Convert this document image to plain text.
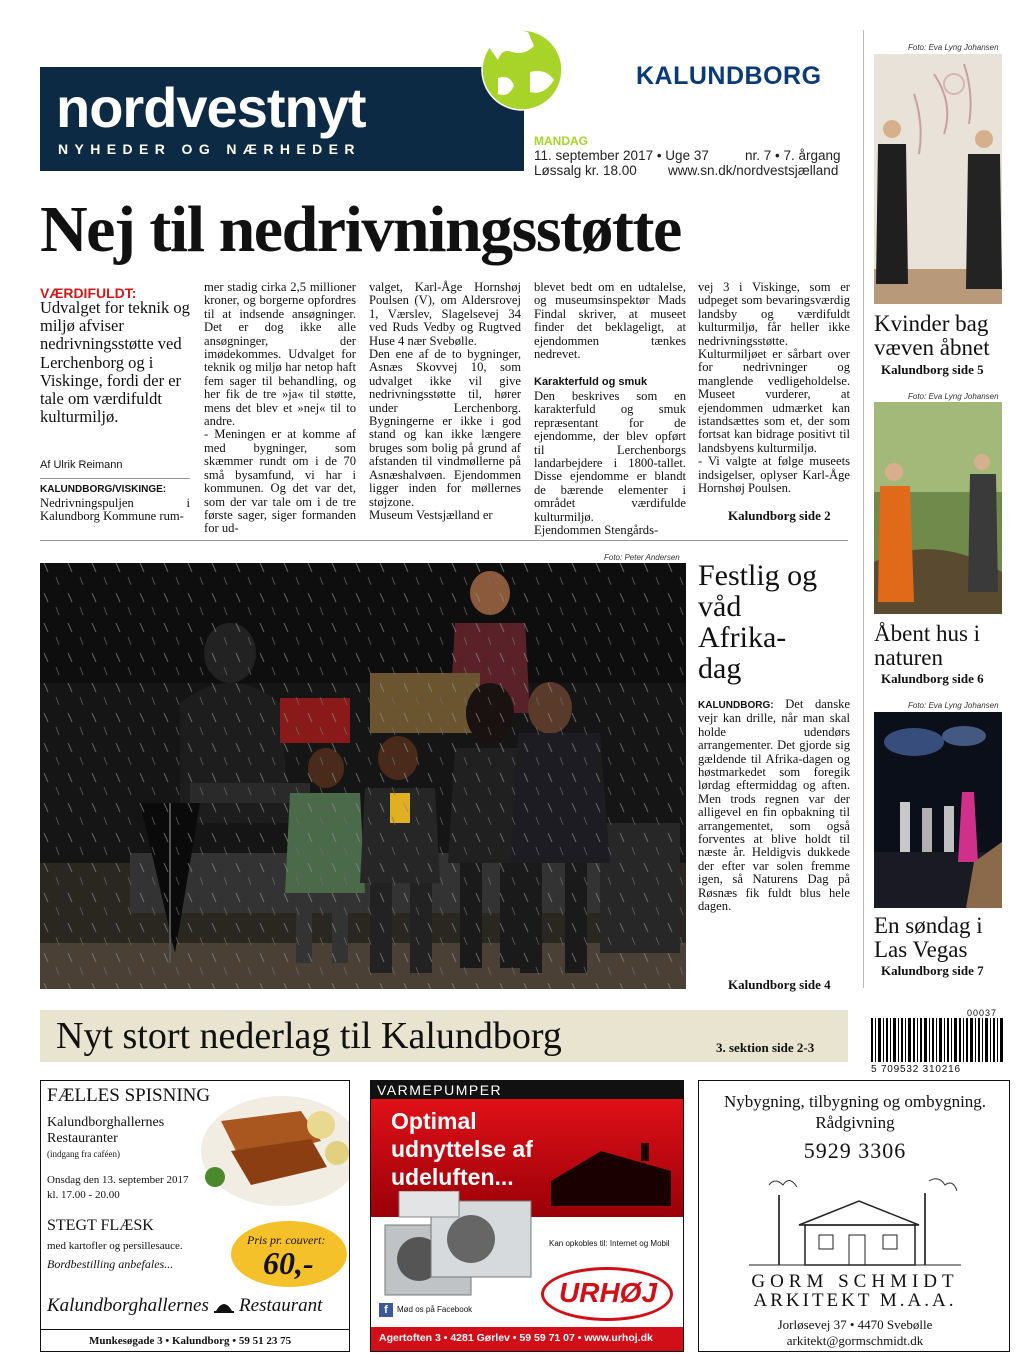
nordvestnyt
NYHEDER OG NÆRHEDER
KALUNDBORG
MANDAG
11. september 2017 • Uge 37	nr. 7 • 7. årgang
Løssalg kr. 18.00 www.sn.dk/nordvestsjælland
Nej til nedrivningsstøtte
VÆRDIFULDT:
Udvalget for teknik og miljø afviser nedrivningsstøtte ved Lerchenborg og i Viskinge, fordi der er tale om værdifuldt kulturmiljø.
Af Ulrik Reimann
KALUNDBORG/VISKINGE:
Nedrivningspuljen i Kalundborg Kommune rum-
mer stadig cirka 2,5 millioner kroner, og borgerne opfordres til at indsende ansøgninger. Det er dog ikke alle ansøgninger, der imødekommes. Udvalget for teknik og miljø har netop haft fem sager til behandling, og her fik de tre »ja« til støtte, mens det blev et »nej« til to andre.
- Meningen er at komme af med bygninger, som skæmmer rundt om i de 70 små bysamfund, vi har i kommunen. Og det var det, som der var tale om i de tre første sager, siger formanden for ud-
valget, Karl-Åge Hornshøj Poulsen (V), om Aldersrovej 1, Værslev, Slagelsevej 34 ved Ruds Vedby og Rugtved Huse 4 nær Svebølle.
Den ene af de to bygninger, Asnæs Skovvej 10, som udvalget ikke vil give nedrivningsstøtte til, hører under Lerchenborg. Bygningerne er ikke i god stand og kan ikke længere bruges som bolig på grund af afstanden til vindmøllerne på Asnæshalvøen. Ejendommen ligger inden for møllernes støjzone.
Museum Vestsjælland er
blevet bedt om en udtalelse, og museumsinspektør Mads Findal skriver, at museet finder det beklageligt, at ejendommen tænkes nedrevet.
Karakterfuld og smuk
Den beskrives som en karakterfuld og smuk repræsentant for de ejendomme, der blev opført til Lerchenborgs landarbejdere i 1800-tallet. Disse ejendomme er blandt de bærende elementer i området værdifulde kulturmiljø.
Ejendommen Stengårds-
vej 3 i Viskinge, som er udpeget som bevaringsværdig landsby og værdifuldt kulturmiljø, får heller ikke nedrivningsstøtte. Kulturmiljøet er sårbart over for nedrivninger og manglende vedligeholdelse. Museet vurderer, at ejendommen udmærket kan istandsættes som et, der som fortsat kan bidrage positivt til landsbyens kulturmiljø.
- Vi valgte at følge museets indsigelser, oplyser Karl-Åge Hornshøj Poulsen.
Kalundborg side 2
Foto: Peter Andersen
Festlig og våd Afrika-dag
KALUNDBORG: Det danske vejr kan drille, når man skal holde udendørs arrangementer. Det gjorde sig gældende til Afrika-dagen og høstmarkedet som foregik lørdag eftermiddag og aften. Men trods regnen var der alligevel en fin opbakning til arrangementet, som også forventes at blive holdt til næste år. Heldigvis dukkede der efter var solen fremme igen, så Naturens Dag på Røsnæs fik fuldt blus hele dagen.
Kalundborg side 4
Foto: Eva Lyng Johansen
Kvinder bag væven åbnet
Kalundborg side 5
Foto: Eva Lyng Johansen
Åbent hus i naturen
Kalundborg side 6
Foto: Eva Lyng Johansen
En søndag i Las Vegas
Kalundborg side 7
Nyt stort nederlag til Kalundborg	3. sektion side 2-3
00037
5 709532 310216
FÆLLES SPISNING
Kalundborghallernes
Restauranter
(indgang fra caféen)
Onsdag den 13. september 2017
kl. 17.00 - 20.00
STEGT FLÆSK
med kartofler og persillesauce.
Bordbestilling anbefales...
Pris pr. couvert:
60,-
Kalundborghallernes Restaurant
Munkesøgade 3 • Kalundborg • 59 51 23 75
VARMEPUMPER
Optimal udnyttelse af udeluften...
Kan opkobles til: Internet og Mobil
f	Mød os på Facebook
URHØJ
Agertoften 3 • 4281 Gørlev • 59 59 71 07 • www.urhoj.dk
Nybygning, tilbygning og ombygning. Rådgivning
5929 3306
GORM SCHMIDT
ARKITEKT M.A.A.
Jorløsevej 37 • 4470 Svebølle
arkitekt@gormschmidt.dk
